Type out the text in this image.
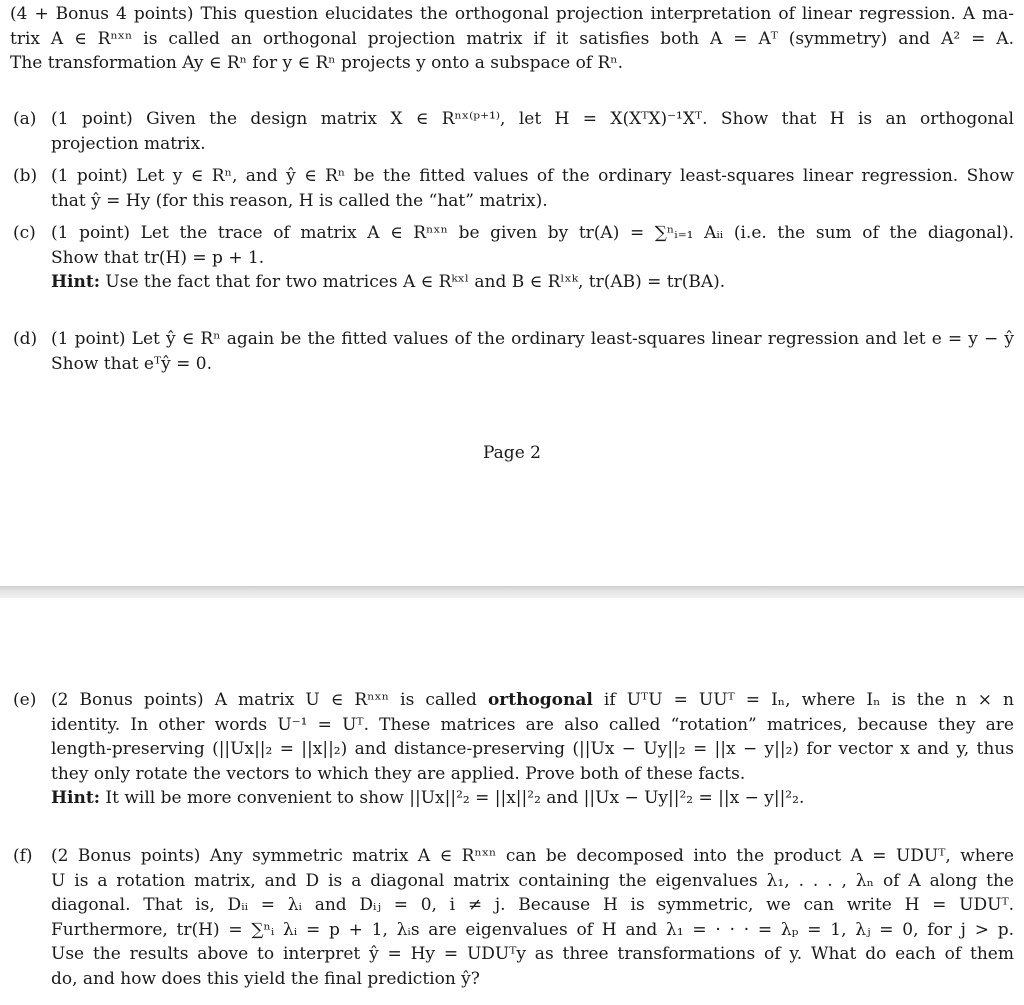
(4 + Bonus 4 points) This question elucidates the orthogonal projection interpretation of linear regression. A ma-
trix A ∈ Rⁿˣⁿ is called an orthogonal projection matrix if it satisfies both A = Aᵀ (symmetry) and A² = A.
The transformation Ay ∈ Rⁿ for y ∈ Rⁿ projects y onto a subspace of Rⁿ.
(a) (1 point) Given the design matrix X ∈ Rⁿˣ⁽ᵖ⁺¹⁾, let H = X(XᵀX)⁻¹Xᵀ. Show that H is an orthogonal
projection matrix.
(b) (1 point) Let y ∈ Rⁿ, and ŷ ∈ Rⁿ be the fitted values of the ordinary least-squares linear regression. Show
that ŷ = Hy (for this reason, H is called the “hat” matrix).
(c) (1 point) Let the trace of matrix A ∈ Rⁿˣⁿ be given by tr(A) = ∑ⁿᵢ₌₁ Aᵢᵢ (i.e. the sum of the diagonal).
Show that tr(H) = p + 1.
Hint: Use the fact that for two matrices A ∈ Rᵏˣˡ and B ∈ Rˡˣᵏ, tr(AB) = tr(BA).
(d) (1 point) Let ŷ ∈ Rⁿ again be the fitted values of the ordinary least-squares linear regression and let e = y − ŷ
Show that eᵀŷ = 0.
Page 2
(e) (2 Bonus points) A matrix U ∈ Rⁿˣⁿ is called orthogonal if UᵀU = UUᵀ = Iₙ, where Iₙ is the n × n
identity. In other words U⁻¹ = Uᵀ. These matrices are also called “rotation” matrices, because they are
length-preserving (||Ux||₂ = ||x||₂) and distance-preserving (||Ux − Uy||₂ = ||x − y||₂) for vector x and y, thus
they only rotate the vectors to which they are applied. Prove both of these facts.
Hint: It will be more convenient to show ||Ux||²₂ = ||x||²₂ and ||Ux − Uy||²₂ = ||x − y||²₂.
(f) (2 Bonus points) Any symmetric matrix A ∈ Rⁿˣⁿ can be decomposed into the product A = UDUᵀ, where
U is a rotation matrix, and D is a diagonal matrix containing the eigenvalues λ₁, . . . , λₙ of A along the
diagonal. That is, Dᵢᵢ = λᵢ and Dᵢⱼ = 0, i ≠ j. Because H is symmetric, we can write H = UDUᵀ.
Furthermore, tr(H) = ∑ⁿᵢ λᵢ = p + 1, λᵢs are eigenvalues of H and λ₁ = · · · = λₚ = 1, λⱼ = 0, for j > p.
Use the results above to interpret ŷ = Hy = UDUᵀy as three transformations of y. What do each of them
do, and how does this yield the final prediction ŷ?
